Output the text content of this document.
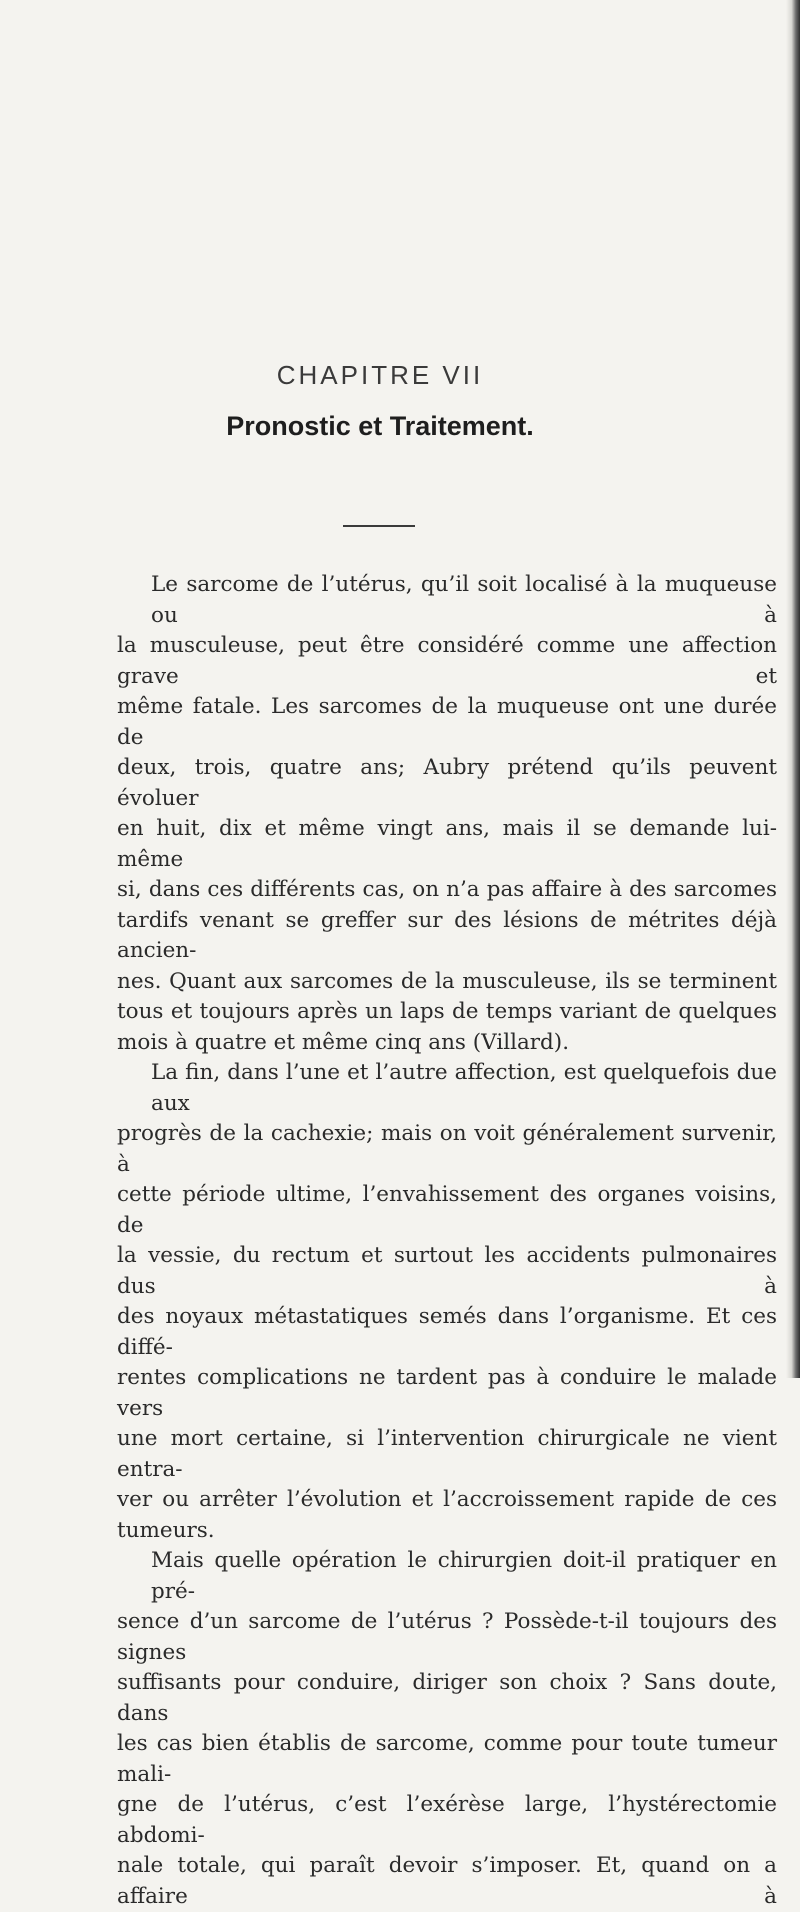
CHAPITRE VII
Pronostic et Traitement.

Le sarcome de l’utérus, qu’il soit localisé à la muqueuse ou à

la musculeuse, peut être considéré comme une affection grave et

même fatale. Les sarcomes de la muqueuse ont une durée de

deux, trois, quatre ans; Aubry prétend qu’ils peuvent évoluer

en huit, dix et même vingt ans, mais il se demande lui-même

si, dans ces différents cas, on n’a pas affaire à des sarcomes

tardifs venant se greffer sur des lésions de métrites déjà ancien-

nes. Quant aux sarcomes de la musculeuse, ils se terminent

tous et toujours après un laps de temps variant de quelques

mois à quatre et même cinq ans (Villard).

La fin, dans l’une et l’autre affection, est quelquefois due aux

progrès de la cachexie; mais on voit généralement survenir, à

cette période ultime, l’envahissement des organes voisins, de

la vessie, du rectum et surtout les accidents pulmonaires dus à

des noyaux métastatiques semés dans l’organisme. Et ces diffé-

rentes complications ne tardent pas à conduire le malade vers

une mort certaine, si l’intervention chirurgicale ne vient entra-

ver ou arrêter l’évolution et l’accroissement rapide de ces

tumeurs.

Mais quelle opération le chirurgien doit-il pratiquer en pré-

sence d’un sarcome de l’utérus ? Possède-t-il toujours des signes

suffisants pour conduire, diriger son choix ? Sans doute, dans

les cas bien établis de sarcome, comme pour toute tumeur mali-

gne de l’utérus, c’est l’exérèse large, l’hystérectomie abdomi-

nale totale, qui paraît devoir s’imposer. Et, quand on a affaire à
